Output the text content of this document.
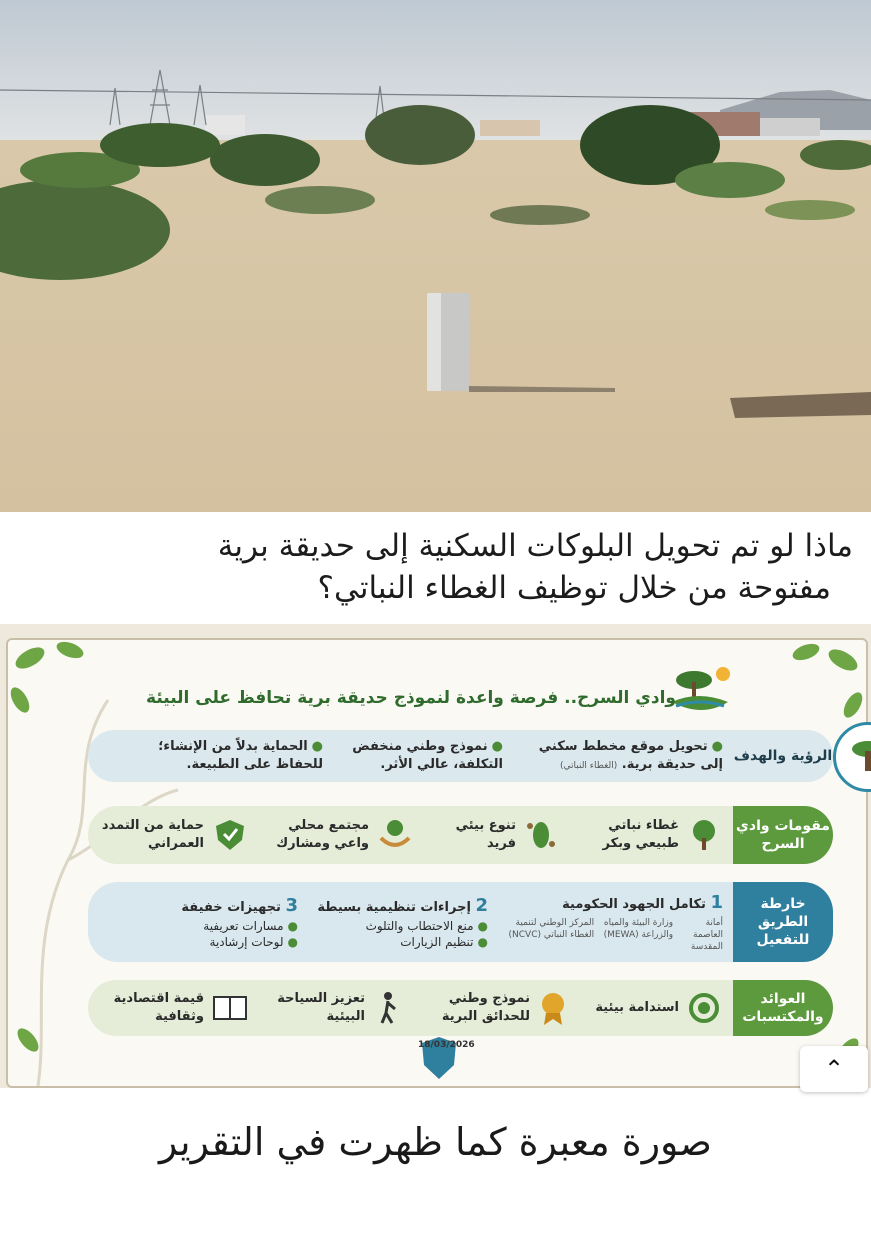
ماذا لو تم تحويل البلوكات السكنية إلى حديقة برية
مفتوحة من خلال توظيف الغطاء النباتي؟
وادي السرح.. فرصة واعدة لنموذج حديقة برية تحافظ على البيئة
الرؤية والهدف
●تحويل موقع مخطط سكني إلى حديقة برية. (الغطاء النباتي)
●نموذج وطني منخفض التكلفة، عالي الأثر.
●الحماية بدلاً من الإنشاء؛ للحفاظ على الطبيعة.
مقومات وادي السرح
غطاء نباتي طبيعي وبكر
تنوع بيئي فريد
مجتمع محلي واعي ومشارك
حماية من التمدد العمراني
خارطة الطريق للتفعيل
1 تكامل الجهود الحكومية
أمانة العاصمة المقدسة
وزارة البيئة والمياه والزراعة (MEWA)
المركز الوطني لتنمية الغطاء النباتي (NCVC)
2 إجراءات تنظيمية بسيطة
●منع الاحتطاب والتلوث
●تنظيم الزيارات
3 تجهيزات خفيفة
●مسارات تعريفية
●لوحات إرشادية
العوائد والمكتسبات
استدامة بيئية
نموذج وطني للحدائق البرية
تعزيز السياحة البيئية
قيمة اقتصادية وثقافية
18/03/2026
⌃
صورة معبرة كما ظهرت في التقرير
